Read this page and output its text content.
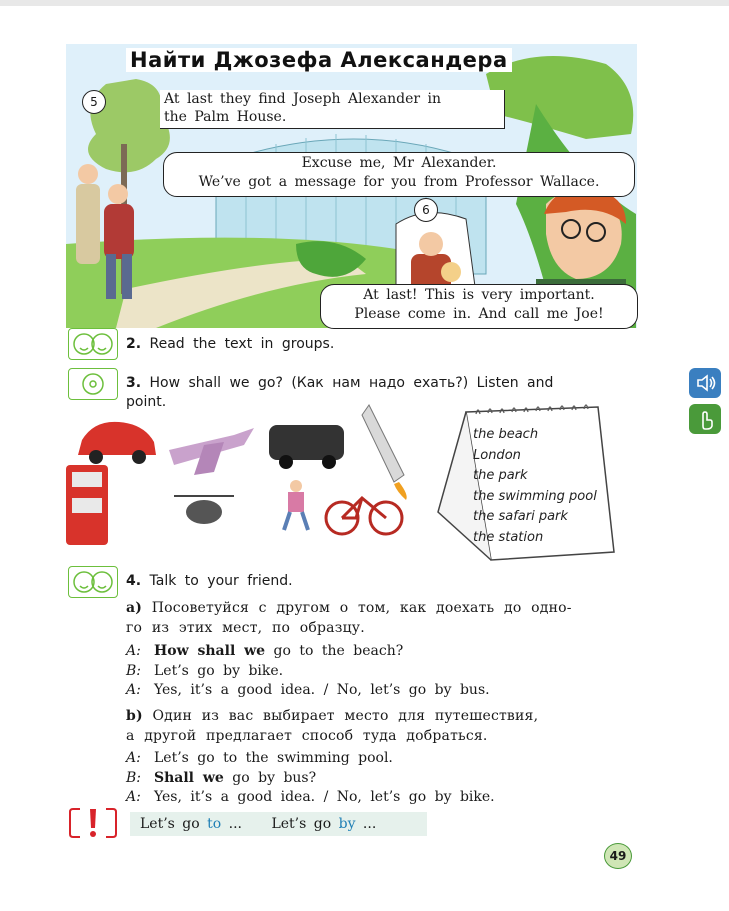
Найти Джозефа Александера
5	At last they find Joseph Alexander in
the Palm House.
Excuse me, Mr Alexander.
We’ve got a message for you from Professor Wallace.
6
At last! This is very important.
Please come in. And call me Joe!
2. Read the text in groups.
3. How shall we go? (Как нам надо ехать?) Listen and
point.
the beach
London
the park
the swimming pool
the safari park
the station
4. Talk to your friend.
а) Посоветуйся с другом о том, как доехать до одно-
го из этих мест, по образцу.
A: How shall we go to the beach?
B: Let’s go by bike.
A: Yes, it’s a good idea. / No, let’s go by bus.
b) Один из вас выбирает место для путешествия,
а другой предлагает способ туда добраться.
A: Let’s go to the swimming pool.
B: Shall we go by bus?
A: Yes, it’s a good idea. / No, let’s go by bike.
Let’s go to ... Let’s go by ...
49
